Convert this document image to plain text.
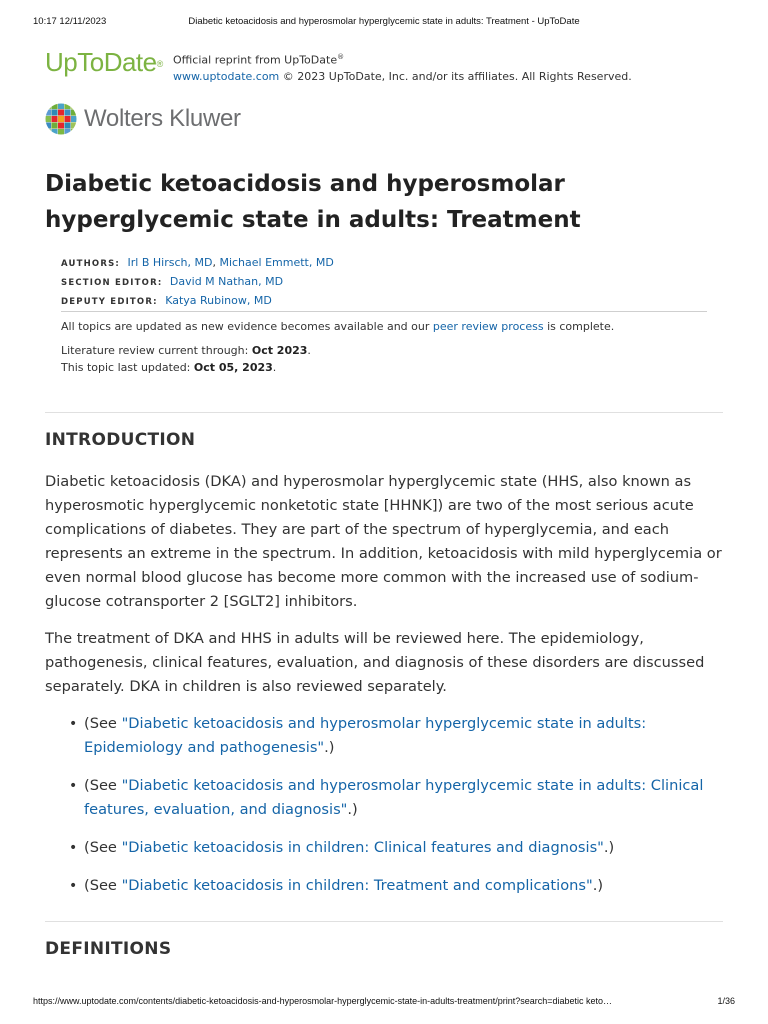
10:17 12/11/2023	Diabetic ketoacidosis and hyperosmolar hyperglycemic state in adults: Treatment - UpToDate
UpToDate® Official reprint from UpToDate®
www.uptodate.com © 2023 UpToDate, Inc. and/or its affiliates. All Rights Reserved.
Wolters Kluwer
Diabetic ketoacidosis and hyperosmolar hyperglycemic state in adults: Treatment
AUTHORS: Irl B Hirsch, MD, Michael Emmett, MD
SECTION EDITOR: David M Nathan, MD
DEPUTY EDITOR: Katya Rubinow, MD
All topics are updated as new evidence becomes available and our peer review process is complete.
Literature review current through: Oct 2023.
This topic last updated: Oct 05, 2023.
INTRODUCTION

Diabetic ketoacidosis (DKA) and hyperosmolar hyperglycemic state (HHS, also known as hyperosmotic hyperglycemic nonketotic state [HHNK]) are two of the most serious acute complications of diabetes. They are part of the spectrum of hyperglycemia, and each represents an extreme in the spectrum. In addition, ketoacidosis with mild hyperglycemia or even normal blood glucose has become more common with the increased use of sodium-glucose cotransporter 2 [SGLT2] inhibitors.

The treatment of DKA and HHS in adults will be reviewed here. The epidemiology, pathogenesis, clinical features, evaluation, and diagnosis of these disorders are discussed separately. DKA in children is also reviewed separately.

• (See "Diabetic ketoacidosis and hyperosmolar hyperglycemic state in adults: Epidemiology and pathogenesis".)
• (See "Diabetic ketoacidosis and hyperosmolar hyperglycemic state in adults: Clinical features, evaluation, and diagnosis".)
• (See "Diabetic ketoacidosis in children: Clinical features and diagnosis".)
• (See "Diabetic ketoacidosis in children: Treatment and complications".)
DEFINITIONS
https://www.uptodate.com/contents/diabetic-ketoacidosis-and-hyperosmolar-hyperglycemic-state-in-adults-treatment/print?search=diabetic keto…	1/36
